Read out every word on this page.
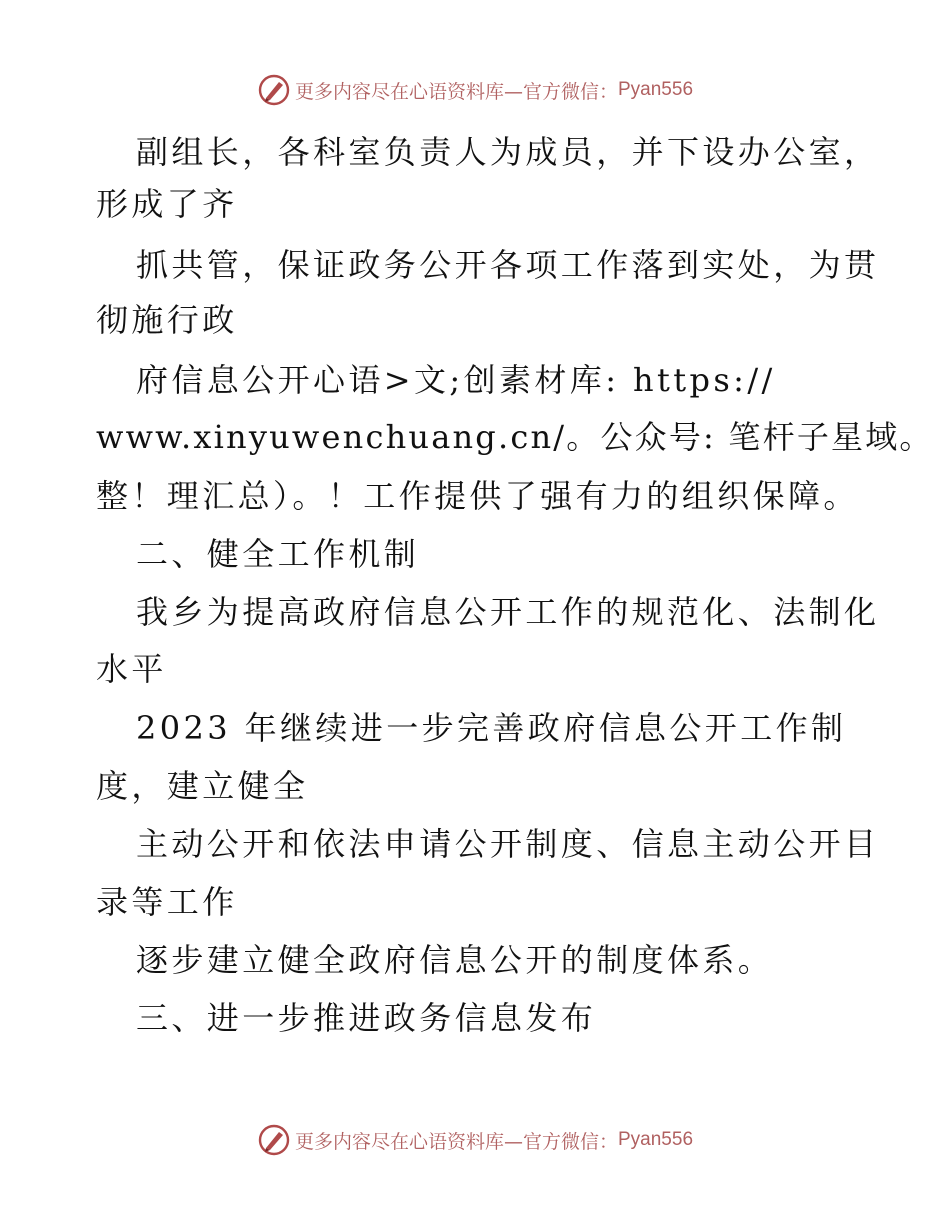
更多内容尽在心语资料库—官方微信： Pyan556
副组长，各科室负责人为成员，并下设办公室，
形成了齐
抓共管，保证政务公开各项工作落到实处，为贯
彻施行政
府信息公开心语>文;创素材库: https://
www.xinyuwenchuang.cn/。公众号: 笔杆子星域。
整！理汇总）。！工作提供了强有力的组织保障。
二、健全工作机制
我乡为提高政府信息公开工作的规范化、法制化
水平
2023 年继续进一步完善政府信息公开工作制
度，建立健全
主动公开和依法申请公开制度、信息主动公开目
录等工作
逐步建立健全政府信息公开的制度体系。
三、进一步推进政务信息发布
更多内容尽在心语资料库—官方微信： Pyan556
